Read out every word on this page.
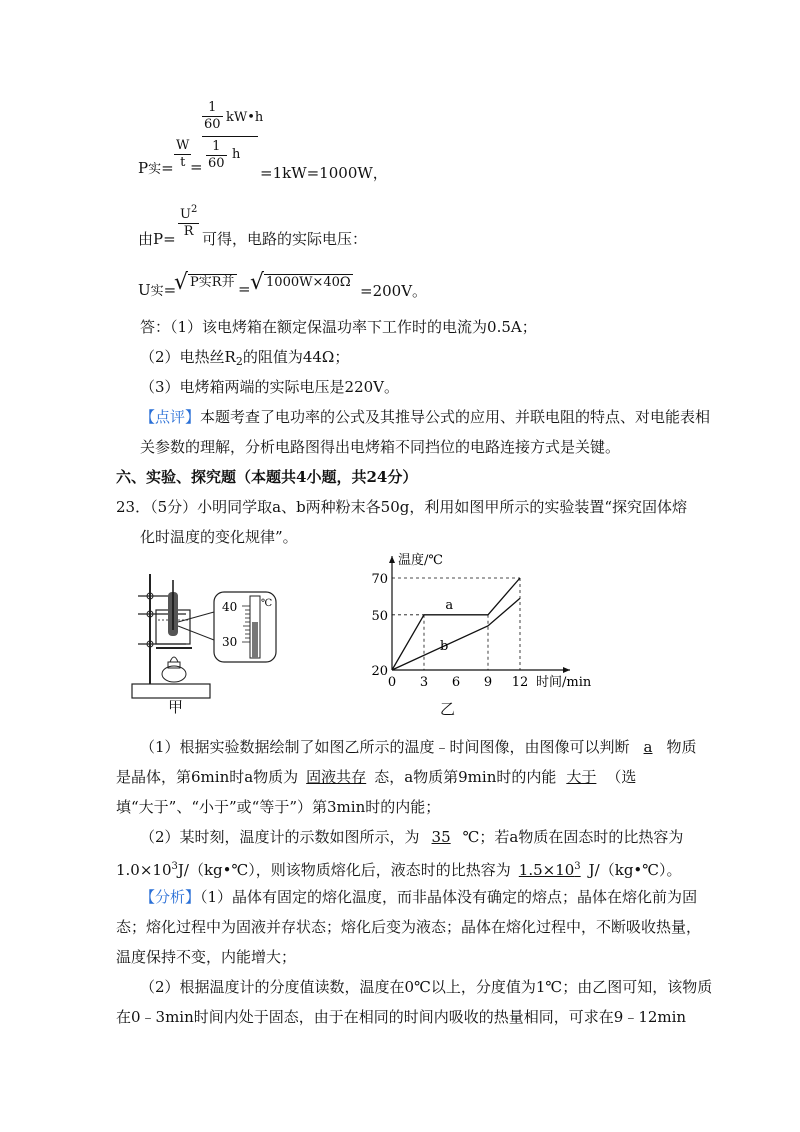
P实= $\frac{W}{t}$
=
$\frac{1}{60}$ kW•h
$\frac{1}{60}$ h
=1kW=1000W，
由$P= \frac{U^2}{R}$ 可得，电路的实际电压：
U实=
√ P实R并 = √ 1000W×40Ω =200V。
答：（1）该电烤箱在额定保温功率下工作时的电流为0.5A；
（2）电热丝$R_2$的阻值为44Ω；
（3）电烤箱两端的实际电压是220V。
【点评】本题考查了电功率的公式及其推导公式的应用、并联电阻的特点、对电能表相
关参数的理解，分析电路图得出电烤箱不同挡位的电路连接方式是关键。
六、实验、探究题（本题共4小题，共24分）
23．（5分）小明同学取a、b两种粉末各50g，利用如图甲所示的实验装置“探究固体熔
化时温度的变化规律”。
40
30
℃
甲
温度/℃
时间/min
0 3 6 9 12
20
50
70
a
b
乙
（1）根据实验数据绘制了如图乙所示的温度﹣时间图像，由图像可以判断 a 物质
是晶体，第6min时a物质为 固液共存 态，a物质第9min时的内能 大于 （选
填“大于”、“小于”或“等于”）第3min时的内能；
（2）某时刻，温度计的示数如图所示，为 35 ℃；若a物质在固态时的比热容为
$1.0\times 10^3J/(kg•℃)$，则该物质熔化后，液态时的比热容为 $1.5\times 10^3$ J/（kg•℃）。
【分析】（1）晶体有固定的熔化温度，而非晶体没有确定的熔点；晶体在熔化前为固
态；熔化过程中为固液并存状态；熔化后变为液态；晶体在熔化过程中，不断吸收热量，
温度保持不变，内能增大；
（2）根据温度计的分度值读数，温度在0℃以上，分度值为1℃；由乙图可知，该物质
在0﹣3min时间内处于固态，由于在相同的时间内吸收的热量相同，可求在9﹣12min
